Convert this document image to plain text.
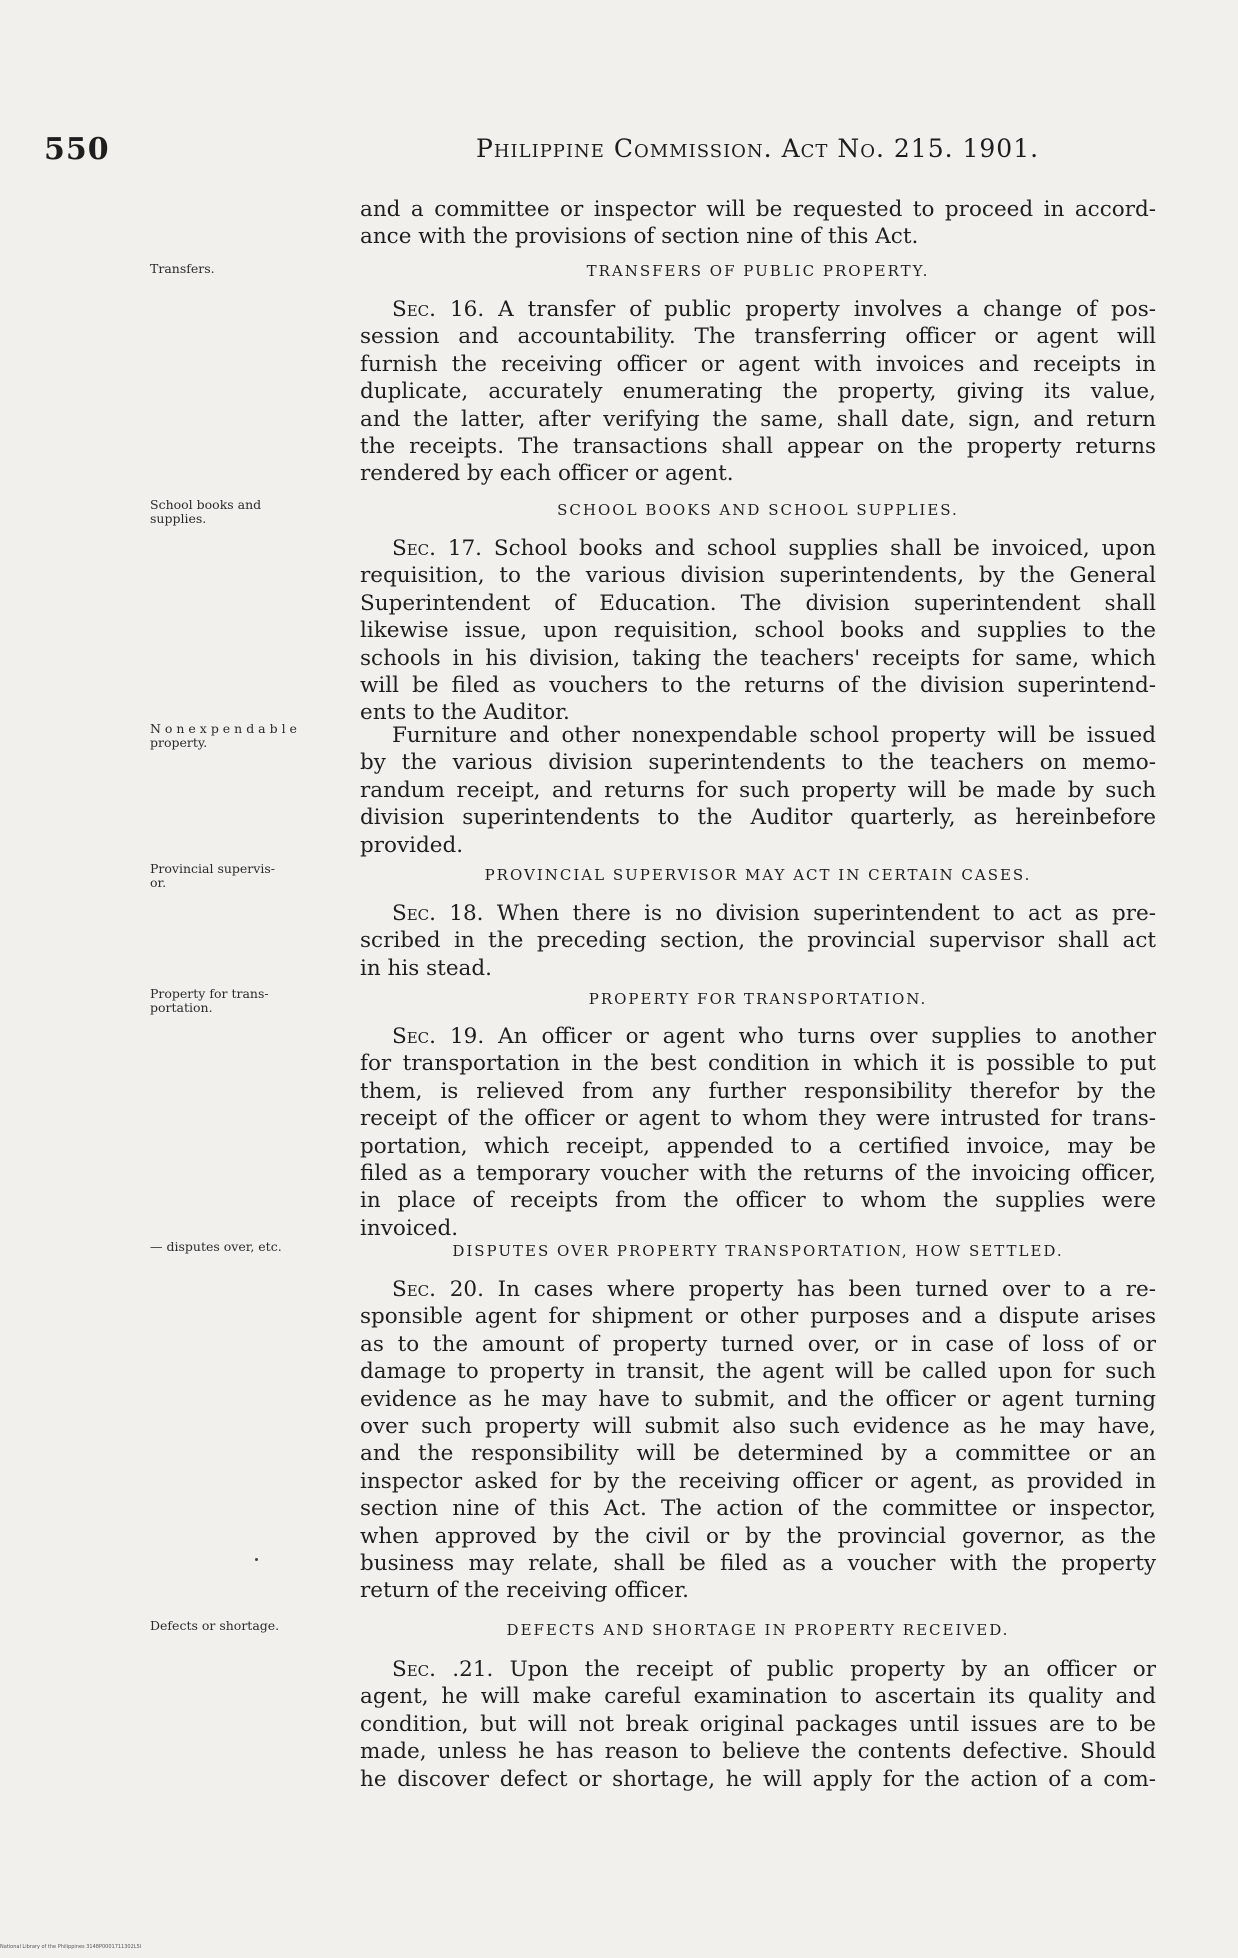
550	Philippine Commission. Act No. 215. 1901.

and a committee or inspector will be requested to proceed in accord-
ance with the provisions of section nine of this Act.

Transfers.	TRANSFERS OF PUBLIC PROPERTY.

Sec. 16. A transfer of public property involves a change of pos-
session and accountability. The transferring officer or agent will
furnish the receiving officer or agent with invoices and receipts in
duplicate, accurately enumerating the property, giving its value,
and the latter, after verifying the same, shall date, sign, and return
the receipts. The transactions shall appear on the property returns
rendered by each officer or agent.

School books and
supplies.	SCHOOL BOOKS AND SCHOOL SUPPLIES.

Sec. 17. School books and school supplies shall be invoiced, upon
requisition, to the various division superintendents, by the General
Superintendent of Education. The division superintendent shall
likewise issue, upon requisition, school books and supplies to the
schools in his division, taking the teachers' receipts for same, which
will be filed as vouchers to the returns of the division superintend-
ents to the Auditor.

N o n e x p e n d a b l e
property.	Furniture and other nonexpendable school property will be issued
by the various division superintendents to the teachers on memo-
randum receipt, and returns for such property will be made by such
division superintendents to the Auditor quarterly, as hereinbefore
provided.

Provincial supervis-
or.	PROVINCIAL SUPERVISOR MAY ACT IN CERTAIN CASES.

Sec. 18. When there is no division superintendent to act as pre-
scribed in the preceding section, the provincial supervisor shall act
in his stead.

Property for trans-
portation.	PROPERTY FOR TRANSPORTATION.

Sec. 19. An officer or agent who turns over supplies to another
for transportation in the best condition in which it is possible to put
them, is relieved from any further responsibility therefor by the
receipt of the officer or agent to whom they were intrusted for trans-
portation, which receipt, appended to a certified invoice, may be
filed as a temporary voucher with the returns of the invoicing officer,
in place of receipts from the officer to whom the supplies were
invoiced.

— disputes over, etc.	DISPUTES OVER PROPERTY TRANSPORTATION, HOW SETTLED.

Sec. 20. In cases where property has been turned over to a re-
sponsible agent for shipment or other purposes and a dispute arises
as to the amount of property turned over, or in case of loss of or
damage to property in transit, the agent will be called upon for such
evidence as he may have to submit, and the officer or agent turning
over such property will submit also such evidence as he may have,
and the responsibility will be determined by a committee or an
inspector asked for by the receiving officer or agent, as provided in
section nine of this Act. The action of the committee or inspector,
when approved by the civil or by the provincial governor, as the
business may relate, shall be filed as a voucher with the property
return of the receiving officer.

Defects or shortage.	DEFECTS AND SHORTAGE IN PROPERTY RECEIVED.

Sec. .21. Upon the receipt of public property by an officer or
agent, he will make careful examination to ascertain its quality and
condition, but will not break original packages until issues are to be
made, unless he has reason to believe the contents defective. Should
he discover defect or shortage, he will apply for the action of a com-

National Library of the Philippines 3148P0001711302L5I
